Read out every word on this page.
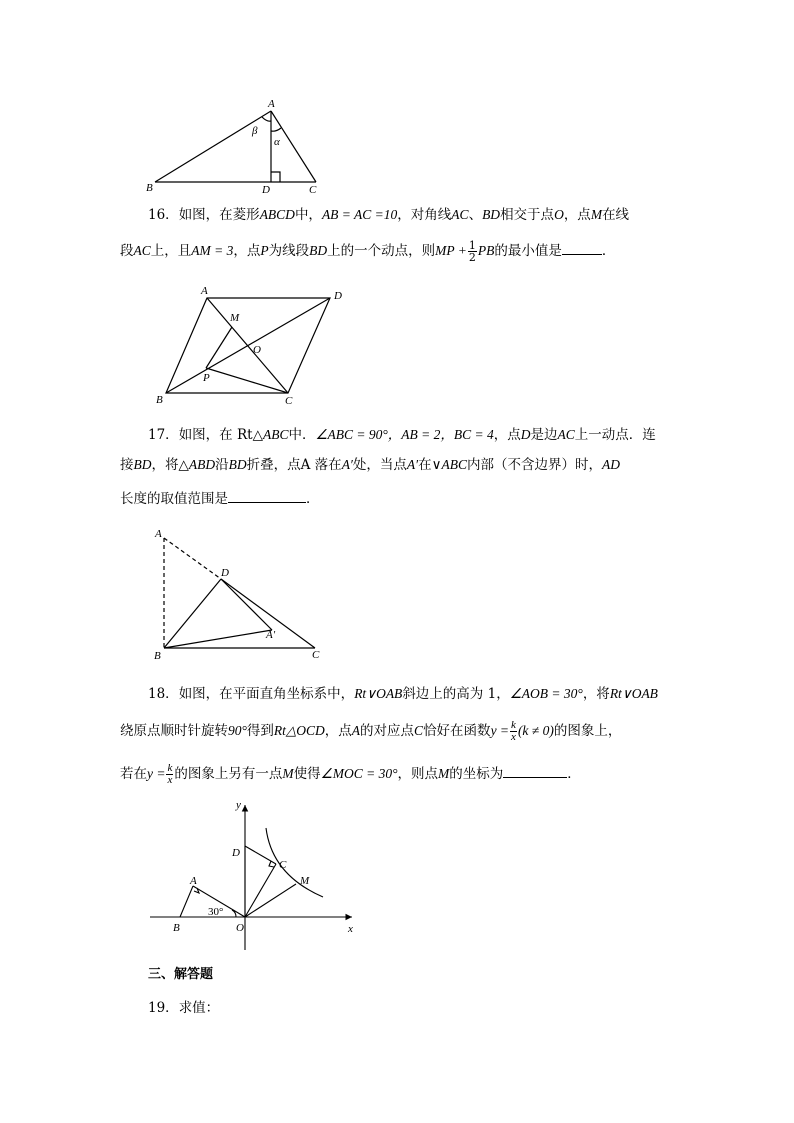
A
B	C
D
β
α
16．如图，在菱形ABCD中，AB = AC =10，对角线AC、BD相交于点O，点M在线
段AC上，且AM = 3，点P为线段BD上的一个动点，则MP + $\frac{1}{2}$ PB的最小值是	．
A	D
M
O
P
B	C
17．如图，在 Rt△ABC中．∠ABC = 90°，AB = 2，BC = 4，点D是边AC上一动点．连
接BD，将△ABD沿BD折叠，点A 落在A′处，当点A′在∨ABC内部（不含边界）时，AD
长度的取值范围是	．
A
D
A′
B	C
18．如图，在平面直角坐标系中，Rt∨OAB斜边上的高为 1，∠AOB = 30°，将Rt∨OAB
绕原点顺时针旋转90°得到Rt△OCD，点A的对应点C恰好在函数$y = \frac{k}{x} (k \ne 0)$的图象上，
若在$y = \frac{k}{x}$ 的图象上另有一点M使得∠MOC = 30°，则点M的坐标为	．
y
x
D
C
M
A
30°
B	O
三、解答题
19．求值：
